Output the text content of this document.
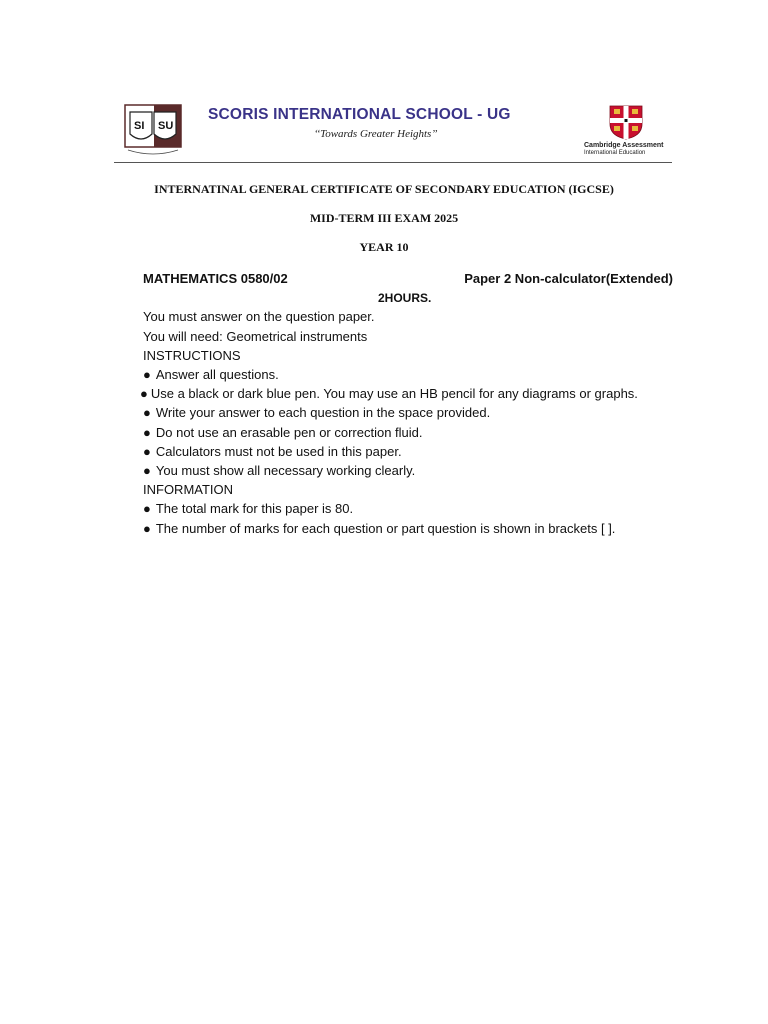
SI SU
SCORIS INTERNATIONAL SCHOOL - UG
‘‘Towards Greater Heights’’
Cambridge Assessment
International Education
INTERNATINAL GENERAL CERTIFICATE OF SECONDARY EDUCATION (IGCSE)
MID-TERM III EXAM 2025
YEAR 10
MATHEMATICS 0580/02	Paper 2 Non-calculator(Extended)
2HOURS.
You must answer on the question paper.
You will need: Geometrical instruments
INSTRUCTIONS
● Answer all questions.
● Use a black or dark blue pen. You may use an HB pencil for any diagrams or graphs.
● Write your answer to each question in the space provided.
● Do not use an erasable pen or correction fluid.
● Calculators must not be used in this paper.
● You must show all necessary working clearly.
INFORMATION
● The total mark for this paper is 80.
● The number of marks for each question or part question is shown in brackets [ ].
